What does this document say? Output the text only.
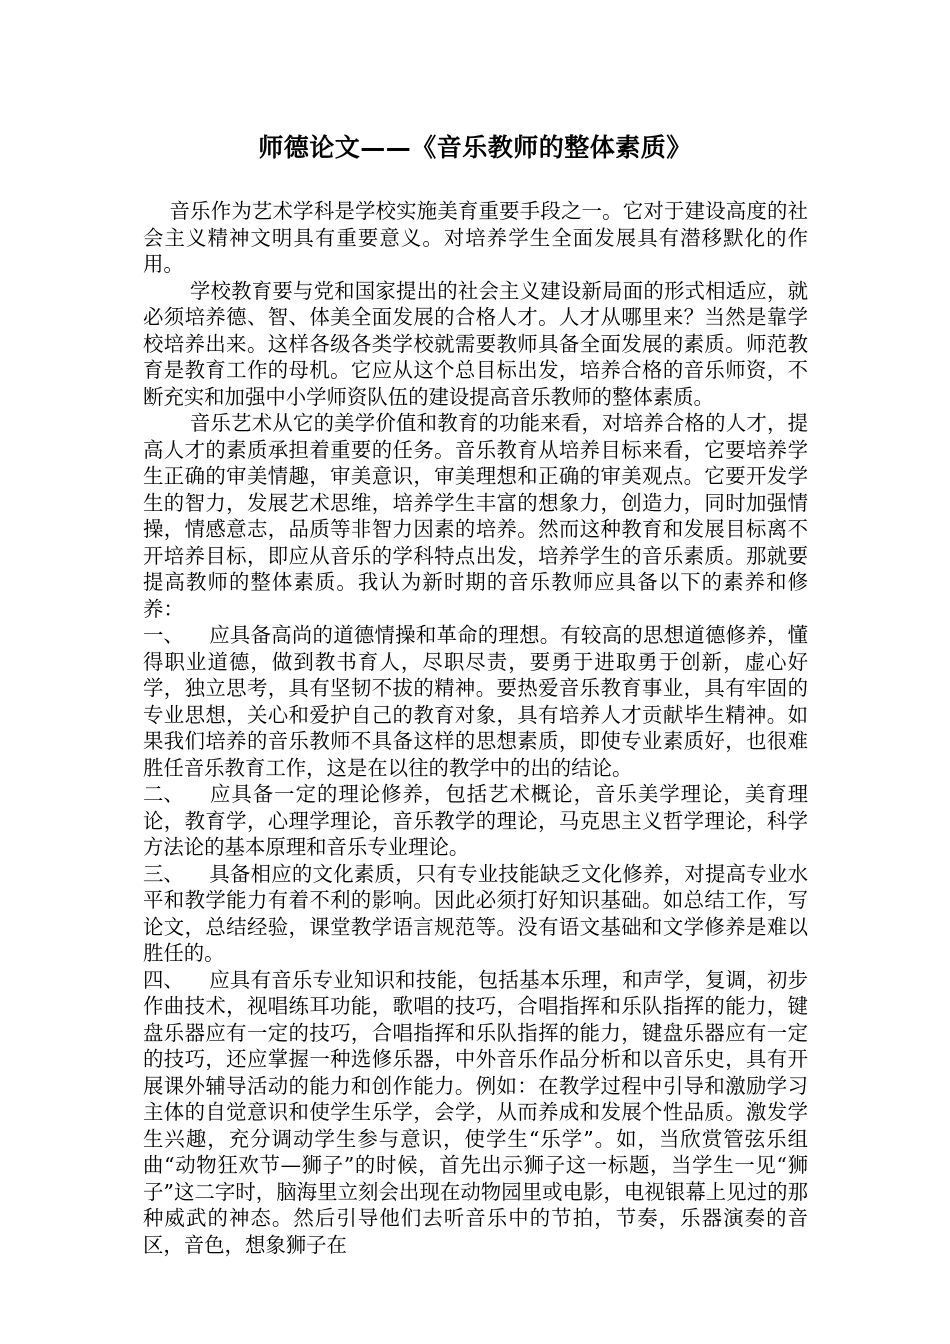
师德论文——《音乐教师的整体素质》

音乐作为艺术学科是学校实施美育重要手段之一。它对于建设高度的社会主义精神文明具有重要意义。对培养学生全面发展具有潜移默化的作用。

学校教育要与党和国家提出的社会主义建设新局面的形式相适应，就必须培养德、智、体美全面发展的合格人才。人才从哪里来？当然是靠学校培养出来。这样各级各类学校就需要教师具备全面发展的素质。师范教育是教育工作的母机。它应从这个总目标出发，培养合格的音乐师资，不断充实和加强中小学师资队伍的建设提高音乐教师的整体素质。

音乐艺术从它的美学价值和教育的功能来看，对培养合格的人才，提高人才的素质承担着重要的任务。音乐教育从培养目标来看，它要培养学生正确的审美情趣，审美意识，审美理想和正确的审美观点。它要开发学生的智力，发展艺术思维，培养学生丰富的想象力，创造力，同时加强情操，情感意志，品质等非智力因素的培养。然而这种教育和发展目标离不开培养目标，即应从音乐的学科特点出发，培养学生的音乐素质。那就要提高教师的整体素质。我认为新时期的音乐教师应具备以下的素养和修养：

一、 应具备高尚的道德情操和革命的理想。有较高的思想道德修养，懂得职业道德，做到教书育人，尽职尽责，要勇于进取勇于创新，虚心好学，独立思考，具有坚韧不拔的精神。要热爱音乐教育事业，具有牢固的专业思想，关心和爱护自己的教育对象，具有培养人才贡献毕生精神。如果我们培养的音乐教师不具备这样的思想素质，即使专业素质好，也很难胜任音乐教育工作，这是在以往的教学中的出的结论。

二、 应具备一定的理论修养，包括艺术概论，音乐美学理论，美育理论，教育学，心理学理论，音乐教学的理论，马克思主义哲学理论，科学方法论的基本原理和音乐专业理论。

三、 具备相应的文化素质，只有专业技能缺乏文化修养，对提高专业水平和教学能力有着不利的影响。因此必须打好知识基础。如总结工作，写论文，总结经验，课堂教学语言规范等。没有语文基础和文学修养是难以胜任的。

四、 应具有音乐专业知识和技能，包括基本乐理，和声学，复调，初步作曲技术，视唱练耳功能，歌唱的技巧，合唱指挥和乐队指挥的能力，键盘乐器应有一定的技巧，合唱指挥和乐队指挥的能力，键盘乐器应有一定的技巧，还应掌握一种选修乐器，中外音乐作品分析和以音乐史，具有开展课外辅导活动的能力和创作能力。例如：在教学过程中引导和激励学习主体的自觉意识和使学生乐学，会学，从而养成和发展个性品质。激发学生兴趣，充分调动学生参与意识，使学生“乐学”。如，当欣赏管弦乐组曲“动物狂欢节—狮子”的时候，首先出示狮子这一标题，当学生一见“狮子”这二字时，脑海里立刻会出现在动物园里或电影，电视银幕上见过的那种威武的神态。然后引导他们去听音乐中的节拍，节奏，乐器演奏的音区，音色，想象狮子在
